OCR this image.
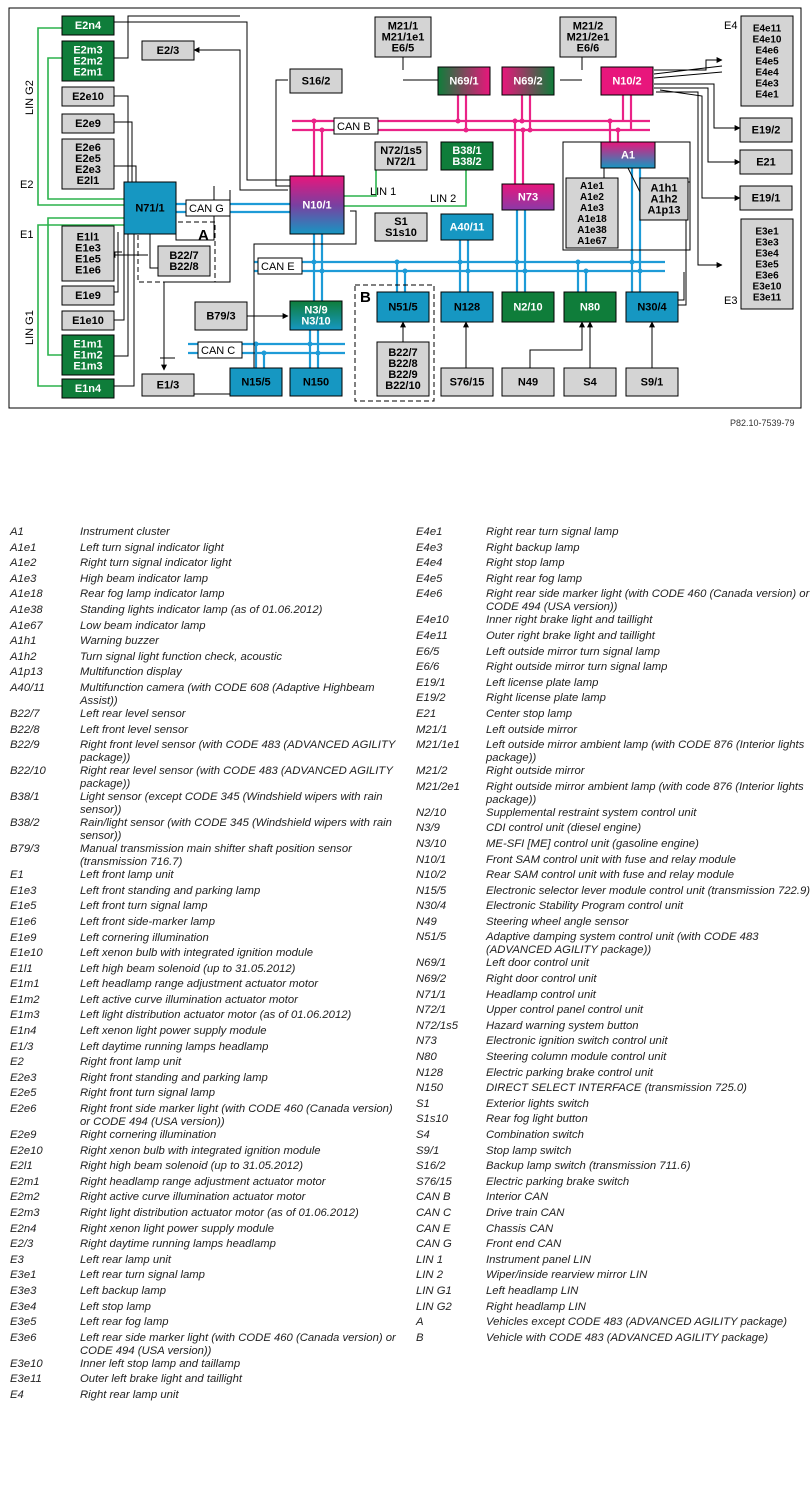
E2n4
E2m3
E2m2
E2m1
E2e10
E2e9
E2e6
E2e5
E2e3
E2l1
E2/3
S16/2
M21/1
M21/1e1
E6/5
M21/2
M21/2e1
E6/6
N69/1	N69/2	N10/2
E4e11
E4e10
E4e6
E4e5
E4e4
E4e3
E4e1
E19/2
E21
E19/1
E3e1
E3e3
E3e4
E3e5
E3e6
E3e10
E3e11
A1
A1e1
A1e2
A1e3
A1e18
A1e38
A1e67
A1h1
A1h2
A1p13
N73
N72/1s5
N72/1
B38/1
B38/2
N10/1
N71/1
S1
S1s10	A40/11
B22/7
B22/8
E1l1
E1e3
E1e5
E1e6
E1e9
E1e10
E1m1
E1m2
E1m3
E1n4	E1/3
B79/3	N3/9
N3/10
N15/5	N150
N51/5
B22/7
B22/8
B22/9
B22/10
N128	N2/10	N80	N30/4
S76/15	N49	S4	S9/1
E4
E3
E2
E1	A
B
LIN 1
LIN 2
LIN G2
LIN G1
CAN B
CAN G
CAN E
CAN C
P82.10-7539-79
A1	Instrument cluster
A1e1	Left turn signal indicator light
A1e2	Right turn signal indicator light
A1e3	High beam indicator lamp
A1e18	Rear fog lamp indicator lamp
A1e38	Standing lights indicator lamp (as of 01.06.2012)
A1e67	Low beam indicator lamp
A1h1	Warning buzzer
A1h2	Turn signal light function check, acoustic
A1p13	Multifunction display
A40/11	Multifunction camera (with CODE 608 (Adaptive Highbeam Assist))
B22/7	Left rear level sensor
B22/8	Left front level sensor
B22/9	Right front level sensor (with CODE 483 (ADVANCED AGILITY package))
B22/10	Right rear level sensor (with CODE 483 (ADVANCED AGILITY package))
B38/1	Light sensor (except CODE 345 (Windshield wipers with rain sensor))
B38/2	Rain/light sensor (with CODE 345 (Windshield wipers with rain sensor))
B79/3	Manual transmission main shifter shaft position sensor (transmission 716.7)
E1	Left front lamp unit
E1e3	Left front standing and parking lamp
E1e5	Left front turn signal lamp
E1e6	Left front side-marker lamp
E1e9	Left cornering illumination
E1e10	Left xenon bulb with integrated ignition module
E1l1	Left high beam solenoid (up to 31.05.2012)
E1m1	Left headlamp range adjustment actuator motor
E1m2	Left active curve illumination actuator motor
E1m3	Left light distribution actuator motor (as of 01.06.2012)
E1n4	Left xenon light power supply module
E1/3	Left daytime running lamps headlamp
E2	Right front lamp unit
E2e3	Right front standing and parking lamp
E2e5	Right front turn signal lamp
E2e6	Right front side marker light (with CODE 460 (Canada version) or CODE 494 (USA version))
E2e9	Right cornering illumination
E2e10	Right xenon bulb with integrated ignition module
E2l1	Right high beam solenoid (up to 31.05.2012)
E2m1	Right headlamp range adjustment actuator motor
E2m2	Right active curve illumination actuator motor
E2m3	Right light distribution actuator motor (as of 01.06.2012)
E2n4	Right xenon light power supply module
E2/3	Right daytime running lamps headlamp
E3	Left rear lamp unit
E3e1	Left rear turn signal lamp
E3e3	Left backup lamp
E3e4	Left stop lamp
E3e5	Left rear fog lamp
E3e6	Left rear side marker light (with CODE 460 (Canada version) or CODE 494 (USA version))
E3e10	Inner left stop lamp and taillamp
E3e11	Outer left brake light and taillight
E4	Right rear lamp unit
E4e1	Right rear turn signal lamp
E4e3	Right backup lamp
E4e4	Right stop lamp
E4e5	Right rear fog lamp
E4e6	Right rear side marker light (with CODE 460 (Canada version) or CODE 494 (USA version))
E4e10	Inner right brake light and taillight
E4e11	Outer right brake light and taillight
E6/5	Left outside mirror turn signal lamp
E6/6	Right outside mirror turn signal lamp
E19/1	Left license plate lamp
E19/2	Right license plate lamp
E21	Center stop lamp
M21/1	Left outside mirror
M21/1e1	Left outside mirror ambient lamp (with CODE 876 (Interior lights package))
M21/2	Right outside mirror
M21/2e1	Right outside mirror ambient lamp (with code 876 (Interior lights package))
N2/10	Supplemental restraint system control unit
N3/9	CDI control unit (diesel engine)
N3/10	ME-SFI [ME] control unit (gasoline engine)
N10/1	Front SAM control unit with fuse and relay module
N10/2	Rear SAM control unit with fuse and relay module
N15/5	Electronic selector lever module control unit (transmission 722.9)
N30/4	Electronic Stability Program control unit
N49	Steering wheel angle sensor
N51/5	Adaptive damping system control unit (with CODE 483 (ADVANCED AGILITY package))
N69/1	Left door control unit
N69/2	Right door control unit
N71/1	Headlamp control unit
N72/1	Upper control panel control unit
N72/1s5	Hazard warning system button
N73	Electronic ignition switch control unit
N80	Steering column module control unit
N128	Electric parking brake control unit
N150	DIRECT SELECT INTERFACE (transmission 725.0)
S1	Exterior lights switch
S1s10	Rear fog light button
S4	Combination switch
S9/1	Stop lamp switch
S16/2	Backup lamp switch (transmission 711.6)
S76/15	Electric parking brake switch
CAN B	Interior CAN
CAN C	Drive train CAN
CAN E	Chassis CAN
CAN G	Front end CAN
LIN 1	Instrument panel LIN
LIN 2	Wiper/inside rearview mirror LIN
LIN G1	Left headlamp LIN
LIN G2	Right headlamp LIN
A	Vehicles except CODE 483 (ADVANCED AGILITY package)
B	Vehicle with CODE 483 (ADVANCED AGILITY package)
